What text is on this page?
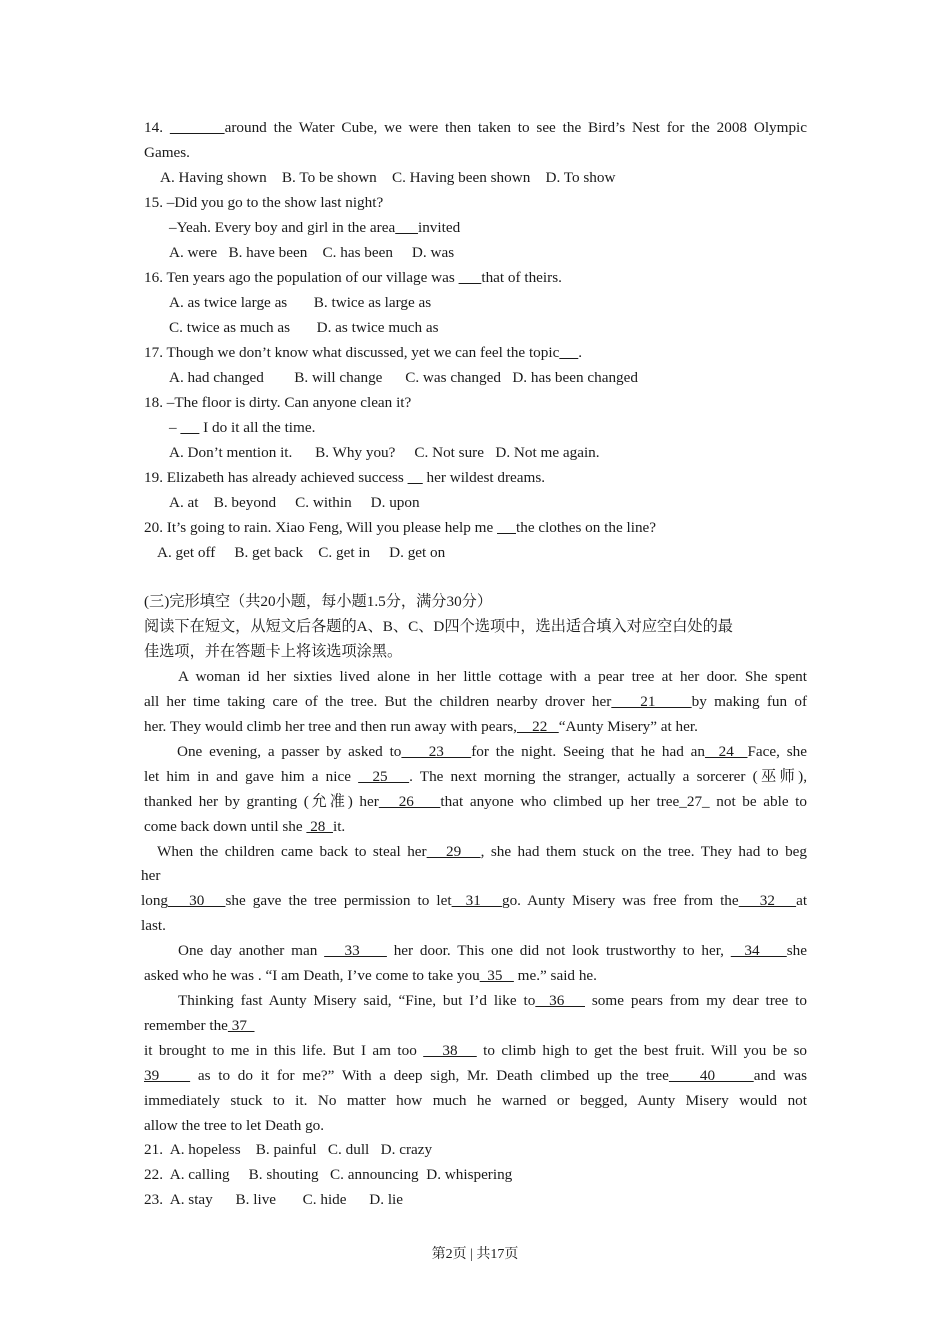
14.	around the Water Cube, we were then taken to see the Bird’s Nest for the 2008 Olympic
Games.
A. Having shown    B. To be shown    C. Having been shown    D. To show
15. –Did you go to the show last night?
–Yeah. Every boy and girl in the area invited
A. were   B. have been    C. has been     D. was
16. Ten years ago the population of our village was       that of theirs.
A. as twice large as       B. twice as large as
C. twice as much as       D. as twice much as
17. Though we don’t know what discussed, yet we can feel the topic .
A. had changed        B. will change      C. was changed   D. has been changed
18. –The floor is dirty. Can anyone clean it?
–       I do it all the time.
A. Don’t mention it.      B. Why you?     C. Not sure   D. Not me again.
19. Elizabeth has already achieved success      her wildest dreams.
A. at    B. beyond     C. within     D. upon
20. It’s going to rain. Xiao Feng, Will you please help me      the clothes on the line?
A. get off     B. get back    C. get in     D. get on
(三)完形填空（共20小题，每小题1.5分，满分30分）
阅读下在短文，从短文后各题的A、B、C、D四个选项中，选出适合填入对应空白处的最
佳选项，并在答题卡上将该选项涂黑。
A woman id her sixties lived alone in her little cottage with a pear tree at her door. She spent
all her time taking care of the tree. But the children nearby drover her    21     by making fun of
her. They would climb her tree and then run away with pears,    22   “Aunty Misery” at her.
One evening, a passer by asked to    23    for the night. Seeing that he had an  24  Face, she
let him in and gave him a nice   25   . The next morning the stranger, actually a sorcerer (巫师),
thanked her by granting (允准) her   26    that anyone who climbed up her tree_27_ not be able to
come back down until she  28  it.
When the children came back to steal her   29   , she had them stuck on the tree. They had to beg
her
long   30   she gave the tree permission to let  31   go. Aunty Misery was free from the   32   at
last.
One day another man    33     her door. This one did not look trustworthy to her,   34    she
asked who he was . “I am Death, I’ve come to take you  35    me.” said he.
Thinking fast Aunty Misery said, “Fine, but I’d like to  36    some pears from my dear tree to
remember the 37
it brought to me in this life. But I am too    38    to climb high to get the best fruit. Will you be so
39     as to do it for me?” With a deep sigh, Mr. Death climbed up the tree    40     and was
immediately stuck to it. No matter how much he warned or begged, Aunty Misery would not
allow the tree to let Death go.
21.  A. hopeless    B. painful   C. dull   D. crazy
22.  A. calling     B. shouting   C. announcing  D. whispering
23.  A. stay      B. live       C. hide      D. lie
第2页 | 共17页
